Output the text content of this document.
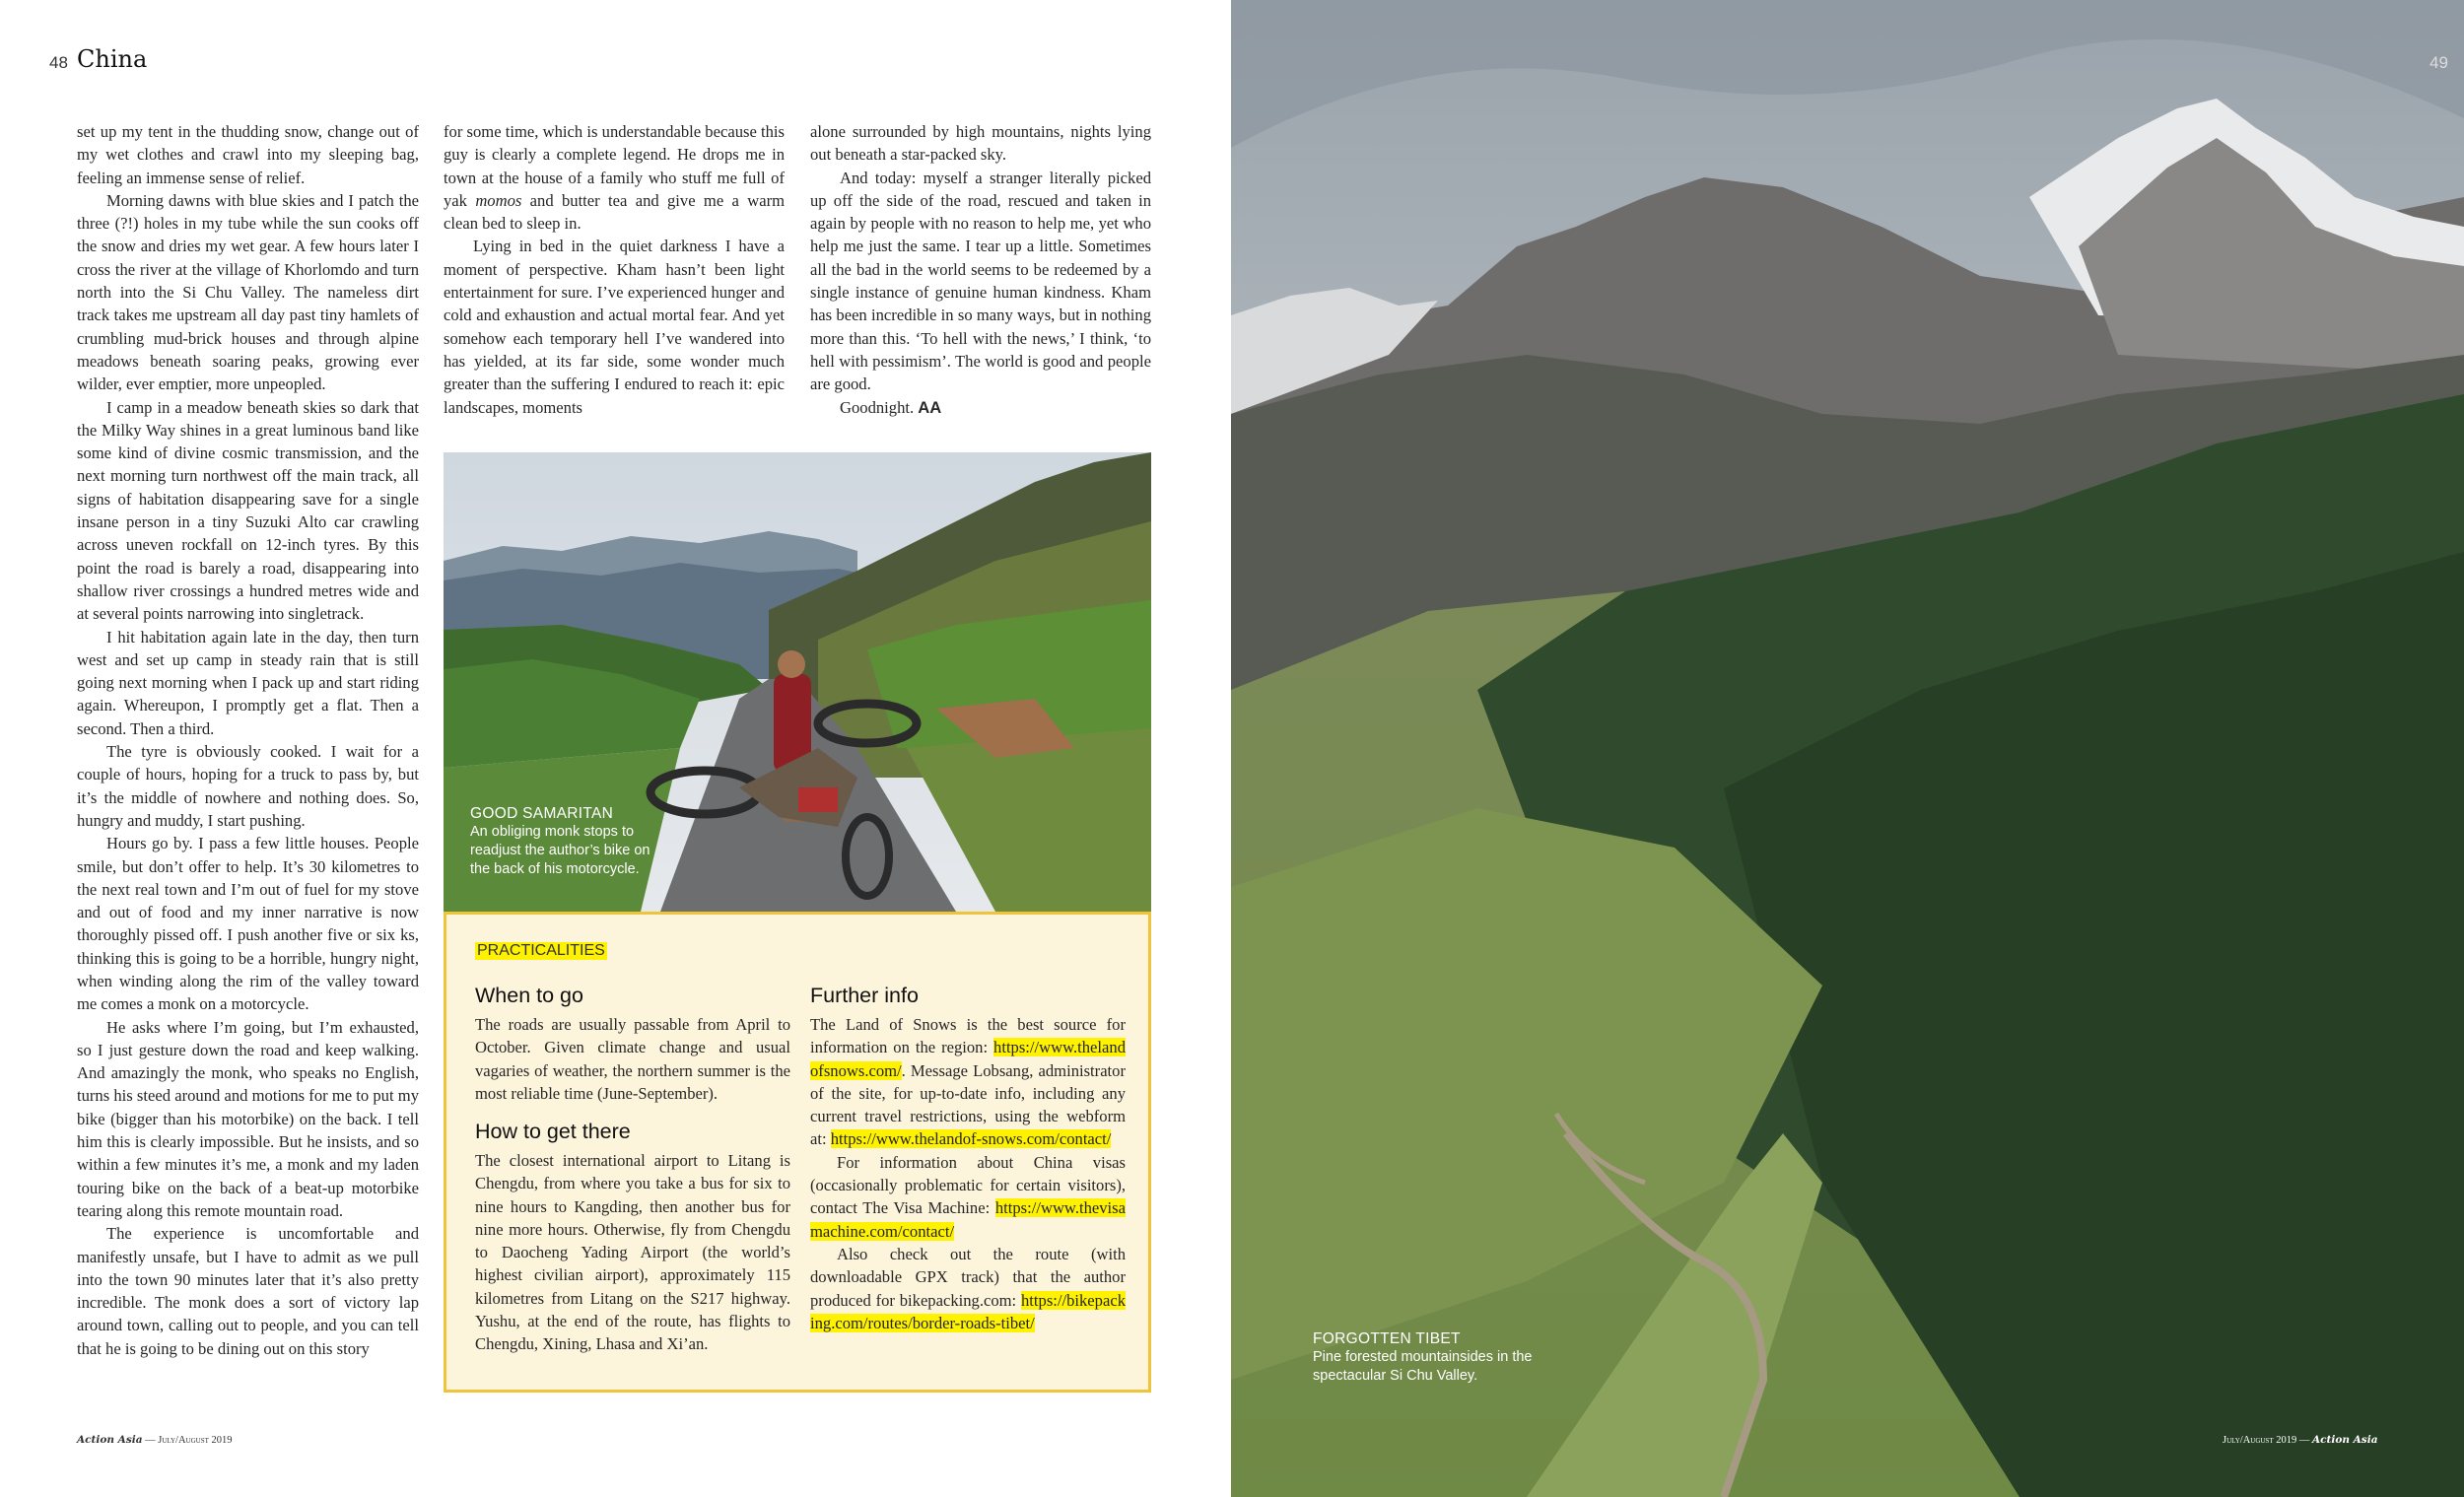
48 China

set up my tent in the thudding snow, change out of my wet clothes and crawl into my sleeping bag, feeling an immense sense of relief.

Morning dawns with blue skies and I patch the three (?!) holes in my tube while the sun cooks off the snow and dries my wet gear. A few hours later I cross the river at the village of Khorlomdo and turn north into the Si Chu Valley. The nameless dirt track takes me upstream all day past tiny hamlets of crumbling mud-brick houses and through alpine meadows beneath soaring peaks, growing ever wilder, ever emptier, more unpeopled.

I camp in a meadow beneath skies so dark that the Milky Way shines in a great luminous band like some kind of divine cosmic transmission, and the next morning turn northwest off the main track, all signs of habitation disappearing save for a single insane person in a tiny Suzuki Alto car crawling across uneven rockfall on 12-inch tyres. By this point the road is barely a road, disappearing into shallow river crossings a hundred metres wide and at several points narrowing into singletrack.

I hit habitation again late in the day, then turn west and set up camp in steady rain that is still going next morning when I pack up and start riding again. Whereupon, I promptly get a flat. Then a second. Then a third.

The tyre is obviously cooked. I wait for a couple of hours, hoping for a truck to pass by, but it’s the middle of nowhere and nothing does. So, hungry and muddy, I start pushing.

Hours go by. I pass a few little houses. People smile, but don’t offer to help. It’s 30 kilometres to the next real town and I’m out of fuel for my stove and out of food and my inner narrative is now thoroughly pissed off. I push another five or six ks, thinking this is going to be a horrible, hungry night, when winding along the rim of the valley toward me comes a monk on a motorcycle.

He asks where I’m going, but I’m exhausted, so I just gesture down the road and keep walking. And amazingly the monk, who speaks no English, turns his steed around and motions for me to put my bike (bigger than his motorbike) on the back. I tell him this is clearly impossible. But he insists, and so within a few minutes it’s me, a monk and my laden touring bike on the back of a beat-up motorbike tearing along this remote mountain road.

The experience is uncomfortable and manifestly unsafe, but I have to admit as we pull into the town 90 minutes later that it’s also pretty incredible. The monk does a sort of victory lap around town, calling out to people, and you can tell that he is going to be dining out on this story

for some time, which is understandable because this guy is clearly a complete legend. He drops me in town at the house of a family who stuff me full of yak momos and butter tea and give me a warm clean bed to sleep in.

Lying in bed in the quiet darkness I have a moment of perspective. Kham hasn’t been light entertainment for sure. I’ve experienced hunger and cold and exhaustion and actual mortal fear. And yet somehow each temporary hell I’ve wandered into has yielded, at its far side, some wonder much greater than the suffering I endured to reach it: epic landscapes, moments

alone surrounded by high mountains, nights lying out beneath a star-packed sky.

And today: myself a stranger literally picked up off the side of the road, rescued and taken in again by people with no reason to help me, yet who help me just the same. I tear up a little. Sometimes all the bad in the world seems to be redeemed by a single instance of genuine human kindness. Kham has been incredible in so many ways, but in nothing more than this. ‘To hell with the news,’ I think, ‘to hell with pessimism’. The world is good and people are good.

Goodnight. AA

GOOD SAMARITAN
An obliging monk stops to readjust the author’s bike on the back of his motorcycle.
PRACTICALITIES
When to go

The roads are usually passable from April to October. Given climate change and usual vagaries of weather, the northern summer is the most reliable time (June-September).

How to get there

The closest international airport to Litang is Chengdu, from where you take a bus for six to nine hours to Kangding, then another bus for nine more hours. Otherwise, fly from Chengdu to Daocheng Yading Airport (the world’s highest civilian airport), approximately 115 kilometres from Litang on the S217 highway. Yushu, at the end of the route, has flights to Chengdu, Xining, Lhasa and Xi’an.

Further info

The Land of Snows is the best source for information on the region: https://www.thelandofsnows.com/. Message Lobsang, administrator of the site, for up-to-date info, including any current travel restrictions, using the webform at: https://www.thelandof-snows.com/contact/

For information about China visas (occasionally problematic for certain visitors), contact The Visa Machine: https://www.thevisamachine.com/contact/

Also check out the route (with downloadable GPX track) that the author produced for bikepacking.com: https://bikepacking.com/routes/border-roads-tibet/

Action Asia — July/August 2019
49
FORGOTTEN TIBET
Pine forested mountainsides in the spectacular Si Chu Valley.
July/August 2019 — Action Asia
